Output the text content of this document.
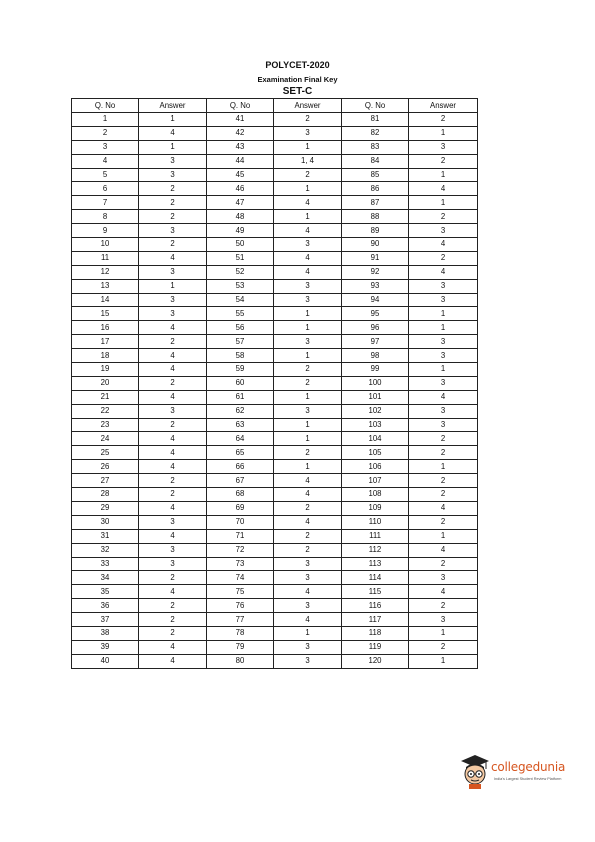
POLYCET-2020
Examination Final Key
SET-C
Q. No	Answer	Q. No	Answer	Q. No	Answer
1	1	41	2	81	2
2	4	42	3	82	1
3	1	43	1	83	3
4	3	44	1, 4	84	2
5	3	45	2	85	1
6	2	46	1	86	4
7	2	47	4	87	1
8	2	48	1	88	2
9	3	49	4	89	3
10	2	50	3	90	4
11	4	51	4	91	2
12	3	52	4	92	4
13	1	53	3	93	3
14	3	54	3	94	3
15	3	55	1	95	1
16	4	56	1	96	1
17	2	57	3	97	3
18	4	58	1	98	3
19	4	59	2	99	1
20	2	60	2	100	3
21	4	61	1	101	4
22	3	62	3	102	3
23	2	63	1	103	3
24	4	64	1	104	2
25	4	65	2	105	2
26	4	66	1	106	1
27	2	67	4	107	2
28	2	68	4	108	2
29	4	69	2	109	4
30	3	70	4	110	2
31	4	71	2	111	1
32	3	72	2	112	4
33	3	73	3	113	2
34	2	74	3	114	3
35	4	75	4	115	4
36	2	76	3	116	2
37	2	77	4	117	3
38	2	78	1	118	1
39	4	79	3	119	2
40	4	80	3	120	1
collegedunia
India's Largest Student Review Platform
